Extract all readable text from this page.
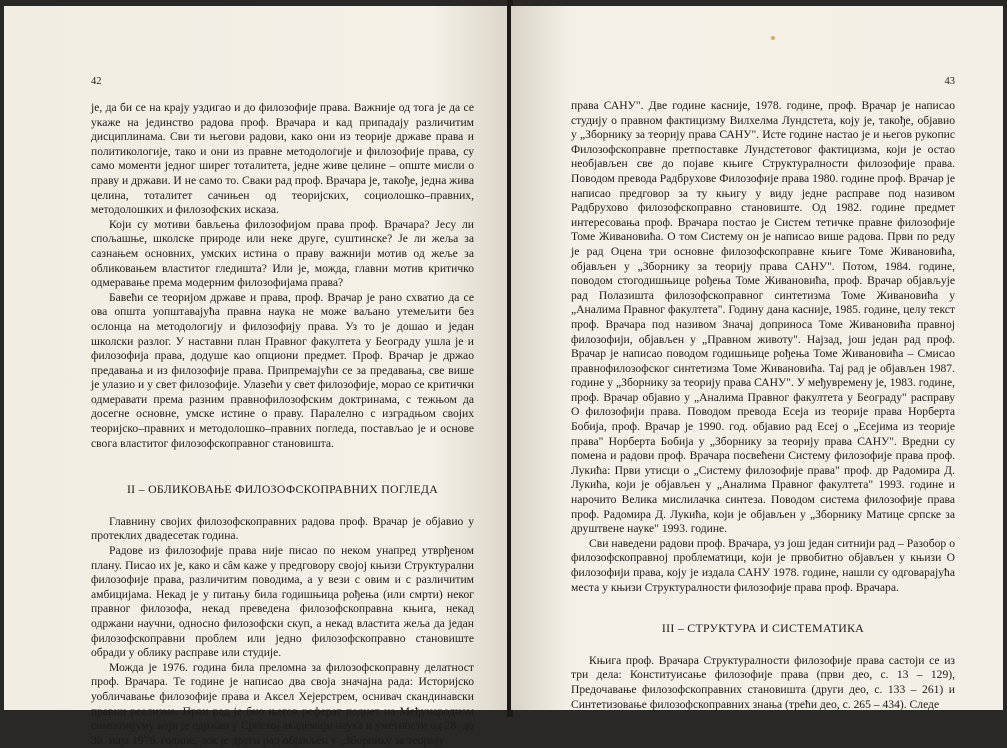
42

је, да би се на крају уздигао и до филозофије права. Важније од тога је да се укаже на јединство радова проф. Врачара и кад припадају различитим дисциплинама. Сви ти његови радови, како они из теорије државе права и политикологије, тако и они из правне методологије и филозофије права, су само моменти једног ширег тоталитета, једне живе целине – опште мисли о праву и држави. И не само то. Сваки рад проф. Врачара је, такође, једна жива целина, тоталитет сачињен од теоријских, социолошко–правних, методолошких и филозофских исказа.

Који су мотиви бављења филозофијом права проф. Врачара? Јесу ли спољашње, школске природе или неке друге, суштинске? Је ли жеља за сазнањем основних, умских истина о праву важнији мотив од жеље за обликовањем властитог гледишта? Или је, можда, главни мотив критичко одмеравање према модерним филозофијама права?

Бавећи се теоријом државе и права, проф. Врачар је рано схватио да се ова општа уопштавајућа правна наука не може ваљано утемељити без ослонца на методологију и филозофију права. Уз то је дошао и један школски разлог. У наставни план Правног факултета у Београду ушла је и филозофија права, додуше као опциони предмет. Проф. Врачар је држао предавања и из филозофије права. Припремајући се за предавања, све више је улазио и у свет филозофије. Улазећи у свет филозофије, морао се критички одмеравати према разним правнофилозофским доктринама, с тежњом да досегне основне, умске истине о праву. Паралелно с изградњом својих теоријско–правних и методолошко–правних погледа, постављао је и основе свога властитог филозофскоправног становишта.

II – ОБЛИКОВАЊЕ ФИЛОЗОФСКОПРАВНИХ ПОГЛЕДА

Главнину својих филозофскоправних радова проф. Врачар је објавио у протеклих двадесетак година.

Радове из филозофије права није писао по неком унапред утврђеном плану. Писао их је, како и сâм каже у предговору својој књизи Структурални филозофије права, различитим поводима, а у вези с овим и с различитим амбицијама. Некад је у питању била годишњица рођења (или смрти) неког правног филозофа, некад преведена филозофскоправна књига, некад одржани научни, односно филозофски скуп, а некад властита жеља да један филозофскоправни проблем или једно филозофскоправно становиште обради у облику расправе или студије.

Можда је 1976. година била преломна за филозофскоправну делатност проф. Врачара. Те године је написао два своја значајна рада: Историјско уобличавање филозофије права и Аксел Хеjерстрем, оснивач скандинавски правни реализма. Први рад је био његов реферат поднет на Међународном симпозијуму који је одржан у Српској академији наука и уметности од 28. до 30. маја 1976. године, док је други рад објављен у „Зборнику за теорију

43

права САНУ". Две године касније, 1978. године, проф. Врачар је написао студију о правном фактицизму Вилхелма Лундстета, коју је, такође, објавио у „Зборнику за теорију права САНУ". Исте године настао је и његов рукопис Филозофскоправне претпоставке Лундстетовог фактицизма, који је остао необјављен све до појаве књиге Структуралности филозофије права. Поводом превода Радбрухове Филозофије права 1980. године проф. Врачар је написао предговор за ту књигу у виду једне расправе под називом Радбрухово филозофскоправно становиште. Од 1982. године предмет интересовања проф. Врачара постао је Систем тетичке правне филозофије Томе Живановића. О том Систему он је написао више радова. Први по реду је рад Оцена три основне филозофскоправне књиге Томе Живановића, објављен у „Зборнику за теорију права САНУ". Потом, 1984. године, поводом стогодишњице рођења Томе Живановића, проф. Врачар објављује рад Полазишта филозофскоправног синтетизма Томе Живановића у „Аналима Правног факултета". Годину дана касније, 1985. године, целу текст проф. Врачара под називом Значај доприноса Томе Живановића правној филозофији, објављен у „Правном животу". Најзад, још један рад проф. Врачар је написао поводом годишњице рођења Томе Живановића – Смисао правнофилозофског синтетизма Томе Живановића. Тај рад је објављен 1987. године у „Зборнику за теорију права САНУ". У међувремену је, 1983. године, проф. Врачар објавио у „Аналима Правног факултета у Београду" расправу О филозофији права. Поводом превода Есеја из теорије права Норберта Бобија, проф. Врачар је 1990. год. објавио рад Есеј о „Есејима из теорије права" Норберта Бобија у „Зборнику за теорију права САНУ". Вредни су помена и радови проф. Врачара посвећени Систему филозофије права проф. Лукића: Први утисци о „Систему филозофије права" проф. др Радомира Д. Лукића, који је објављен у „Аналима Правног факултета" 1993. године и нарочито Велика мислилачка синтеза. Поводом система филозофије права проф. Радомира Д. Лукића, који је објављен у „Зборнику Матице српске за друштвене науке" 1993. године.

Сви наведени радови проф. Врачара, уз још један ситнији рад – Разобор о филозофскоправној проблематици, који је првобитно објављен у књизи О филозофији права, коју је издала САНУ 1978. године, нашли су одговарајућа места у књизи Структуралности филозофије права проф. Врачара.

III – СТРУКТУРА И СИСТЕМАТИКА

Књига проф. Врачара Структуралности филозофије права састоји се из три дела: Конституисање филозофије права (први део, с. 13 – 129), Предочавање филозофскоправних становишта (други део, с. 133 – 261) и Синтетизовање филозофскоправних знања (трећи део, с. 265 – 434). Следе
